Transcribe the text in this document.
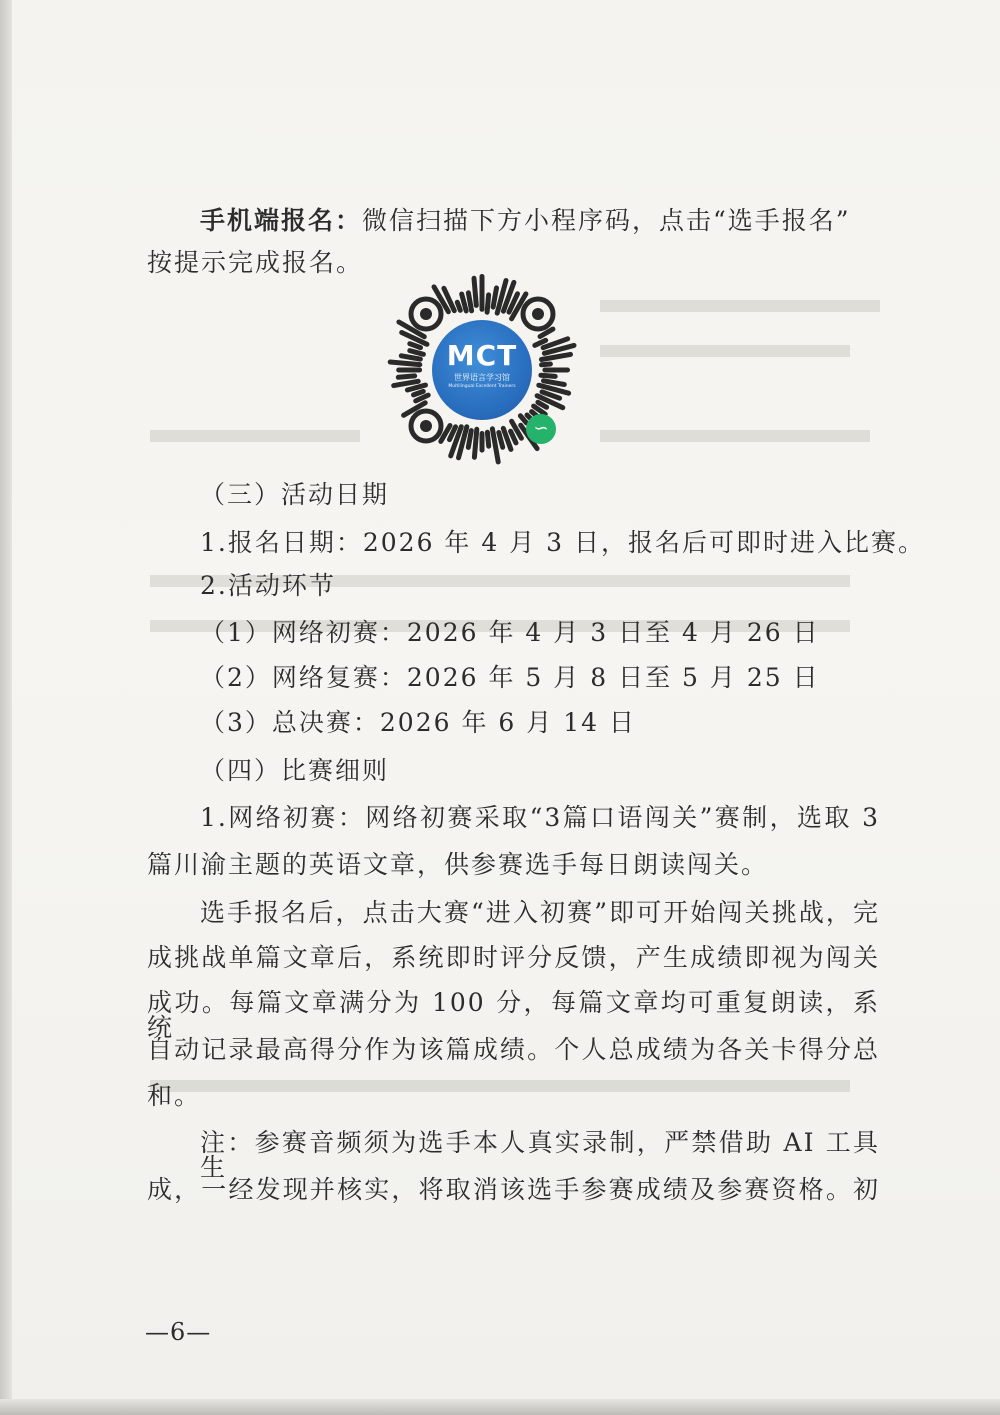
手机端报名：微信扫描下方小程序码，点击“选手报名”
按提示完成报名。
MCT
世界语言学习馆
Multilingual Excellent Trainers
∽
（三）活动日期
1.报名日期：2026 年 4 月 3 日，报名后可即时进入比赛。
2.活动环节
（1）网络初赛：2026 年 4 月 3 日至 4 月 26 日
（2）网络复赛：2026 年 5 月 8 日至 5 月 25 日
（3）总决赛：2026 年 6 月 14 日
（四）比赛细则
1.网络初赛：网络初赛采取“3篇口语闯关”赛制，选取 3
篇川渝主题的英语文章，供参赛选手每日朗读闯关。
选手报名后，点击大赛“进入初赛”即可开始闯关挑战，完
成挑战单篇文章后，系统即时评分反馈，产生成绩即视为闯关
成功。每篇文章满分为 100 分，每篇文章均可重复朗读，系统
自动记录最高得分作为该篇成绩。个人总成绩为各关卡得分总
和。
注：参赛音频须为选手本人真实录制，严禁借助 AI 工具生
成，一经发现并核实，将取消该选手参赛成绩及参赛资格。初
—6—
